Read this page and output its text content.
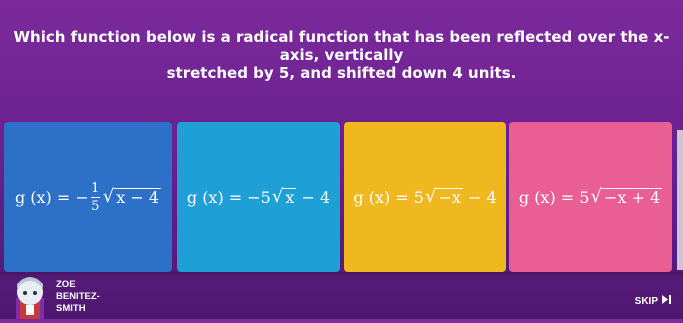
Which function below is a radical function that has been reflected over the x-axis, vertically
stretched by 5, and shifted down 4 units.
g (x) = − $\frac{1}{5}$ √ x − 4 g (x) = −5 √ x − 4 g (x) = 5 √ −x − 4 g (x) = 5 √ −x + 4
ZOE
BENITEZ-
SMITH
SKIP
